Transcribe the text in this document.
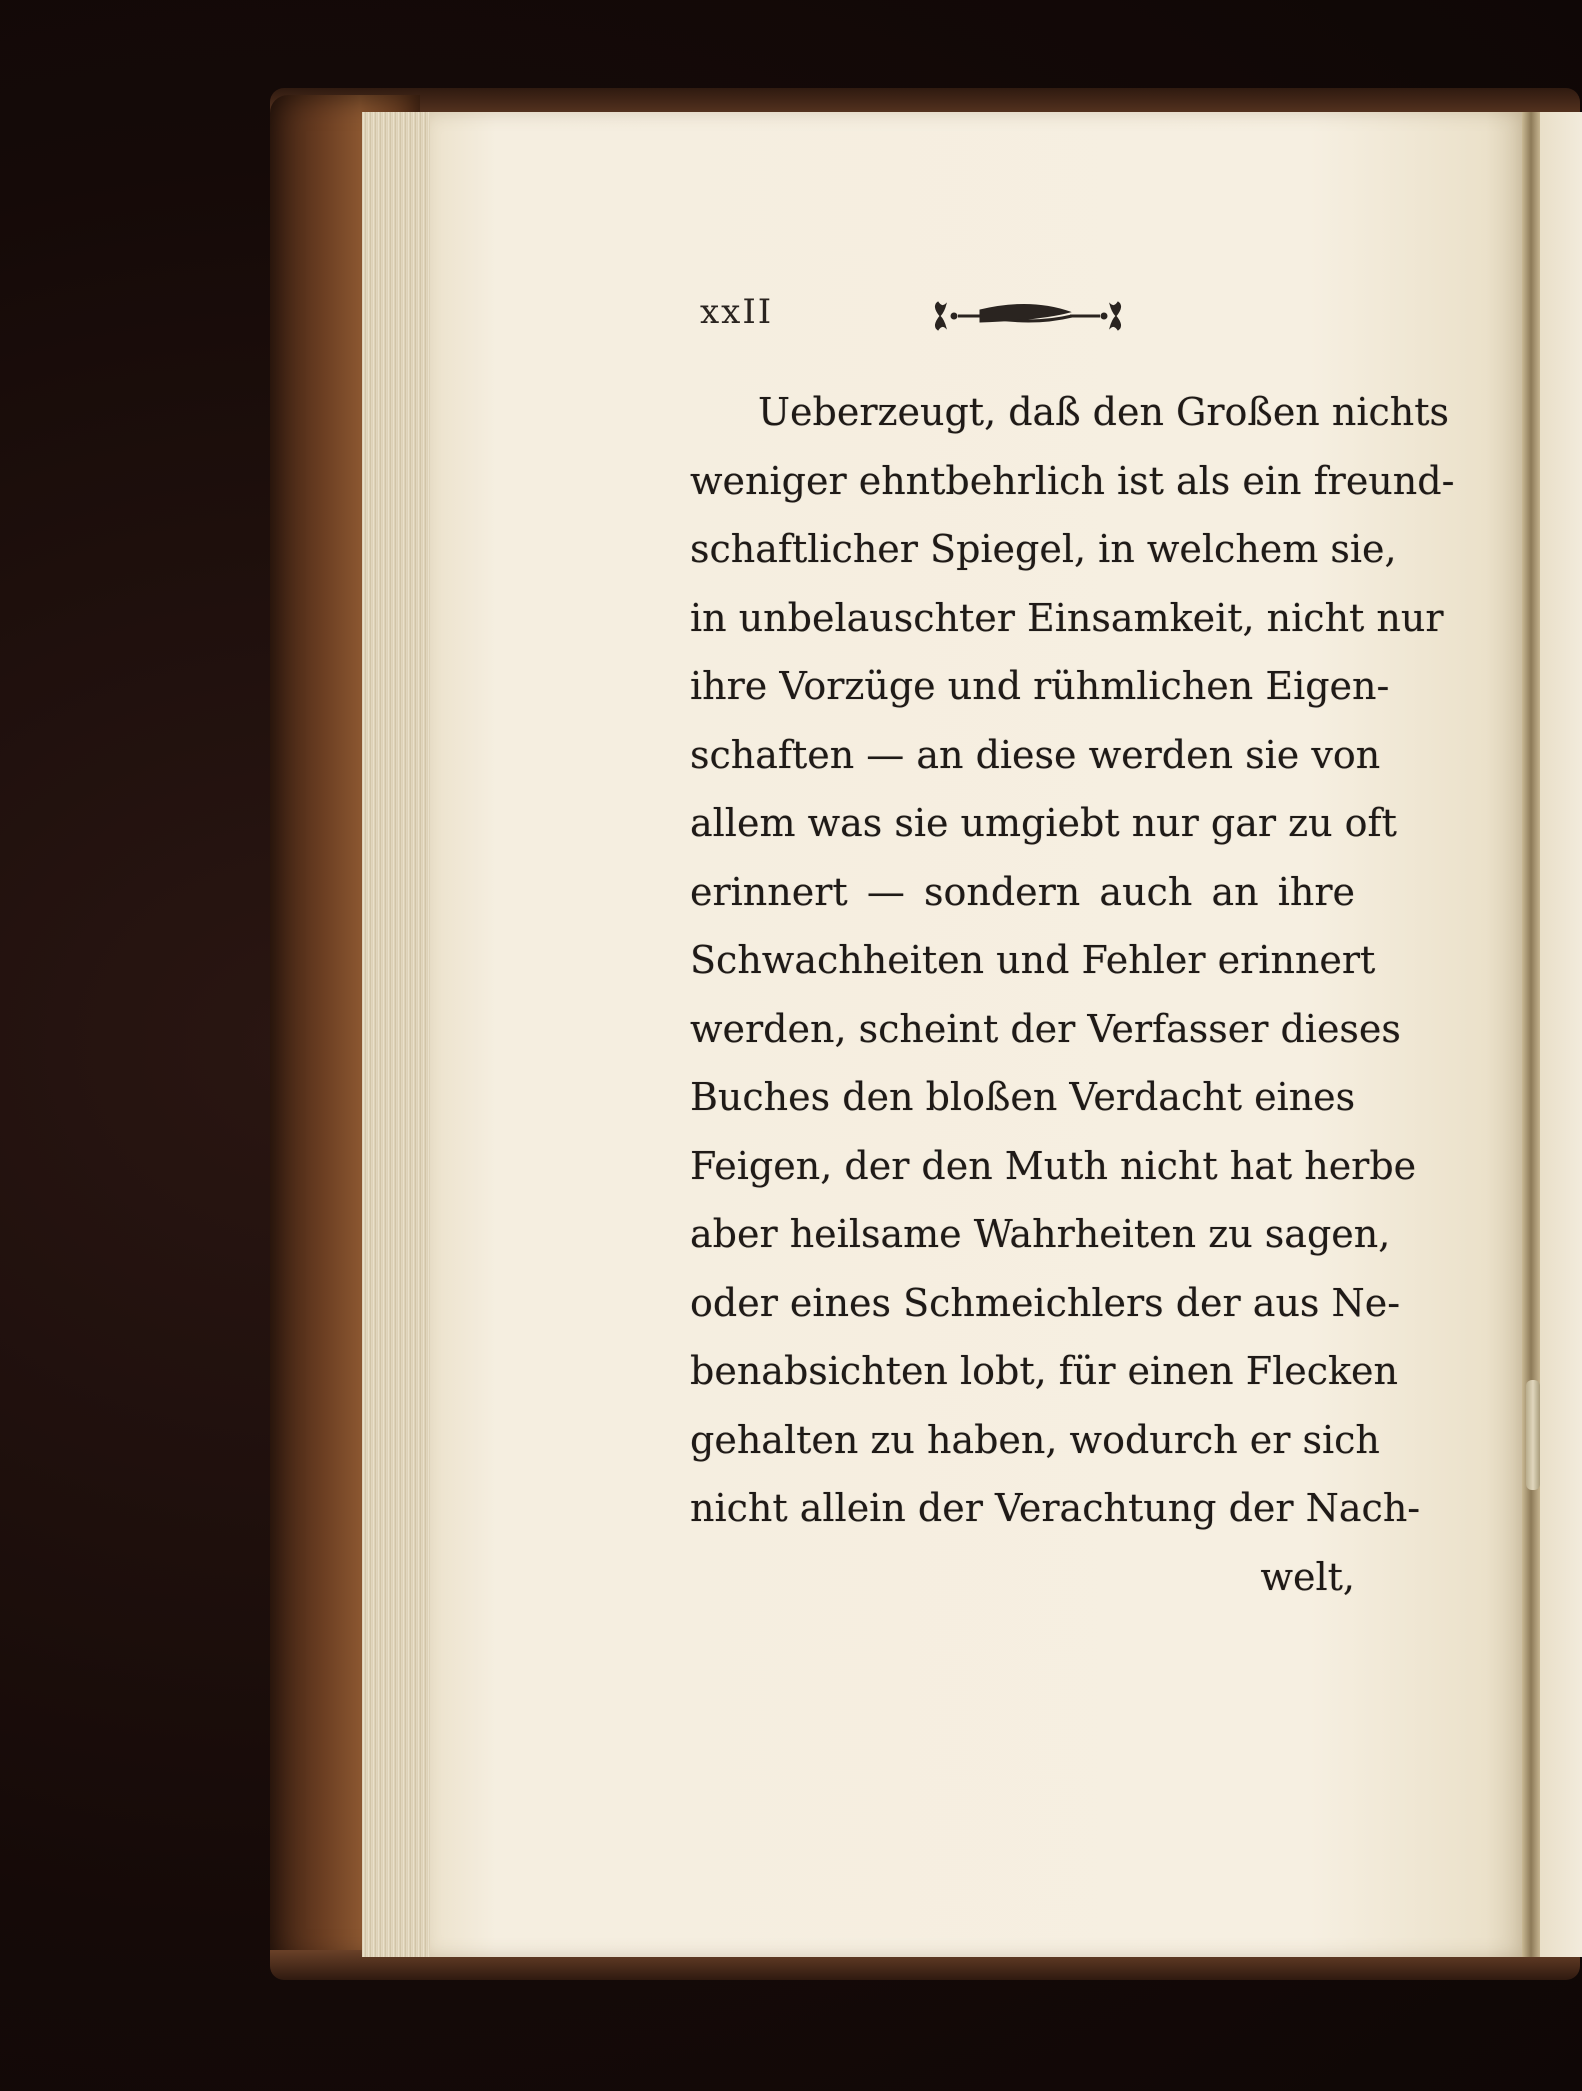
xxII
Ueberzeugt, daß den Großen nichts
weniger ehntbehrlich ist als ein freund-
schaftlicher Spiegel, in welchem sie,
in unbelauschter Einsamkeit, nicht nur
ihre Vorzüge und rühmlichen Eigen-
schaften — an diese werden sie von
allem was sie umgiebt nur gar zu oft
erinnert — sondern auch an ihre
Schwachheiten und Fehler erinnert
werden, scheint der Verfasser dieses
Buches den bloßen Verdacht eines
Feigen, der den Muth nicht hat herbe
aber heilsame Wahrheiten zu sagen,
oder eines Schmeichlers der aus Ne-
benabsichten lobt, für einen Flecken
gehalten zu haben, wodurch er sich
nicht allein der Verachtung der Nach-
welt,
